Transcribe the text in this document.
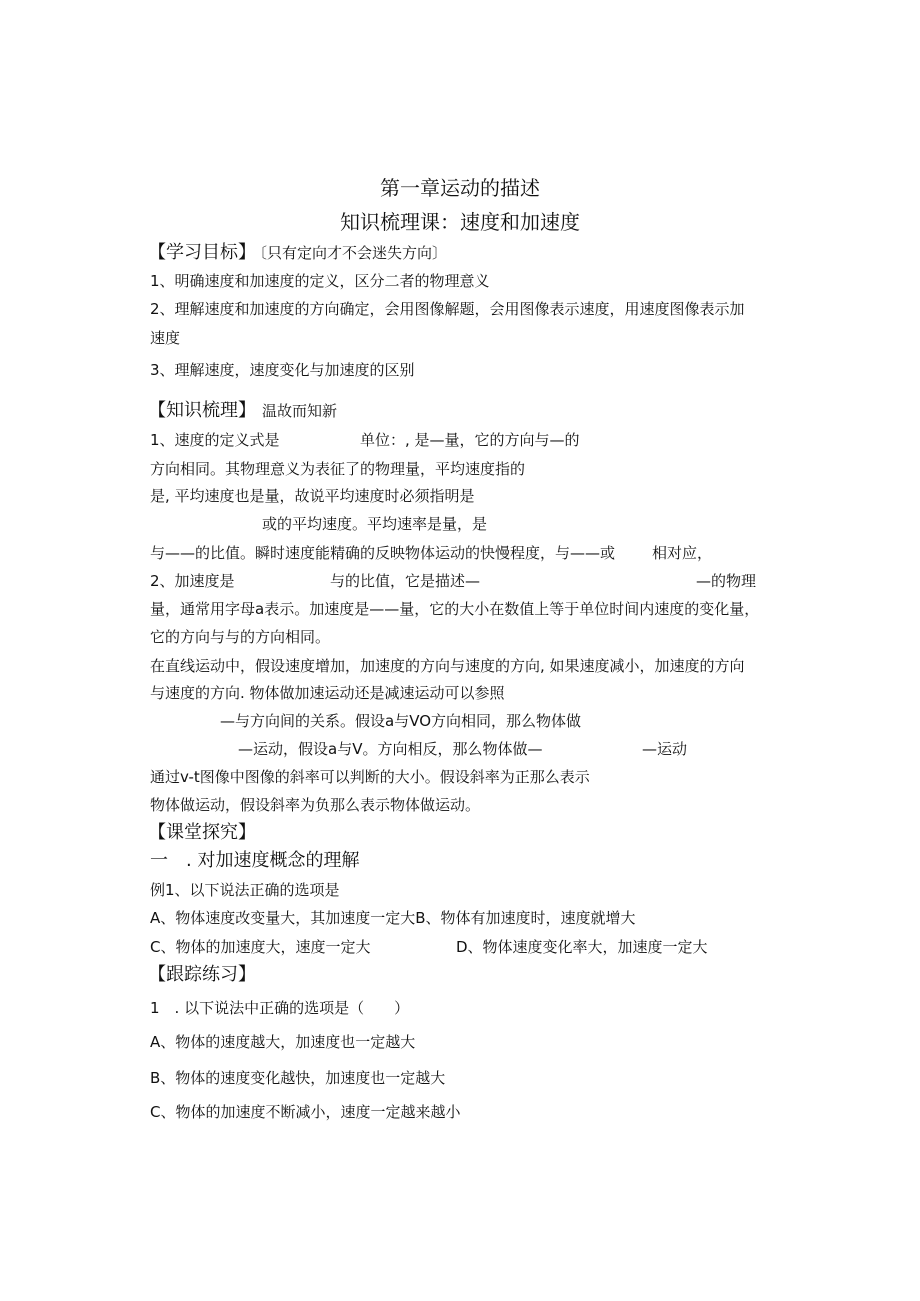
第一章运动的描述
知识梳理课：速度和加速度
【学习目标】
〔只有定向才不会迷失方向〕
1、明确速度和加速度的定义，区分二者的物理意义
2、理解速度和加速度的方向确定，会用图像解题，会用图像表示速度，用速度图像表示加
速度
3、理解速度，速度变化与加速度的区别
【知识梳理】 温故而知新
1、速度的定义式是	单位：, 是—量，它的方向与—的
方向相同。其物理意义为表征了的物理量，平均速度指的
是, 平均速度也是量，故说平均速度时必须指明是
或的平均速度。平均速率是量，是
与——的比值。瞬时速度能精确的反映物体运动的快慢程度，与——或 相对应，
2、加速度是	与的比值，它是描述—	—的物理
量，通常用字母a表示。加速度是——量，它的大小在数值上等于单位时间内速度的变化量，
它的方向与与的方向相同。
在直线运动中，假设速度增加，加速度的方向与速度的方向, 如果速度减小，加速度的方向
与速度的方向. 物体做加速运动还是减速运动可以参照
—与方向间的关系。假设a与VO方向相同，那么物体做
—运动，假设a与V。方向相反，那么物体做—	—运动
通过v-t图像中图像的斜率可以判断的大小。假设斜率为正那么表示
物体做运动，假设斜率为负那么表示物体做运动。
【课堂探究】
一　. 对加速度概念的理解
例1、以下说法正确的选项是
A、物体速度改变量大，其加速度一定大B、物体有加速度时，速度就增大
C、物体的加速度大，速度一定大	D、物体速度变化率大，加速度一定大
【跟踪练习】
1　. 以下说法中正确的选项是（　　）
A、物体的速度越大，加速度也一定越大
B、物体的速度变化越快，加速度也一定越大
C、物体的加速度不断减小，速度一定越来越小
